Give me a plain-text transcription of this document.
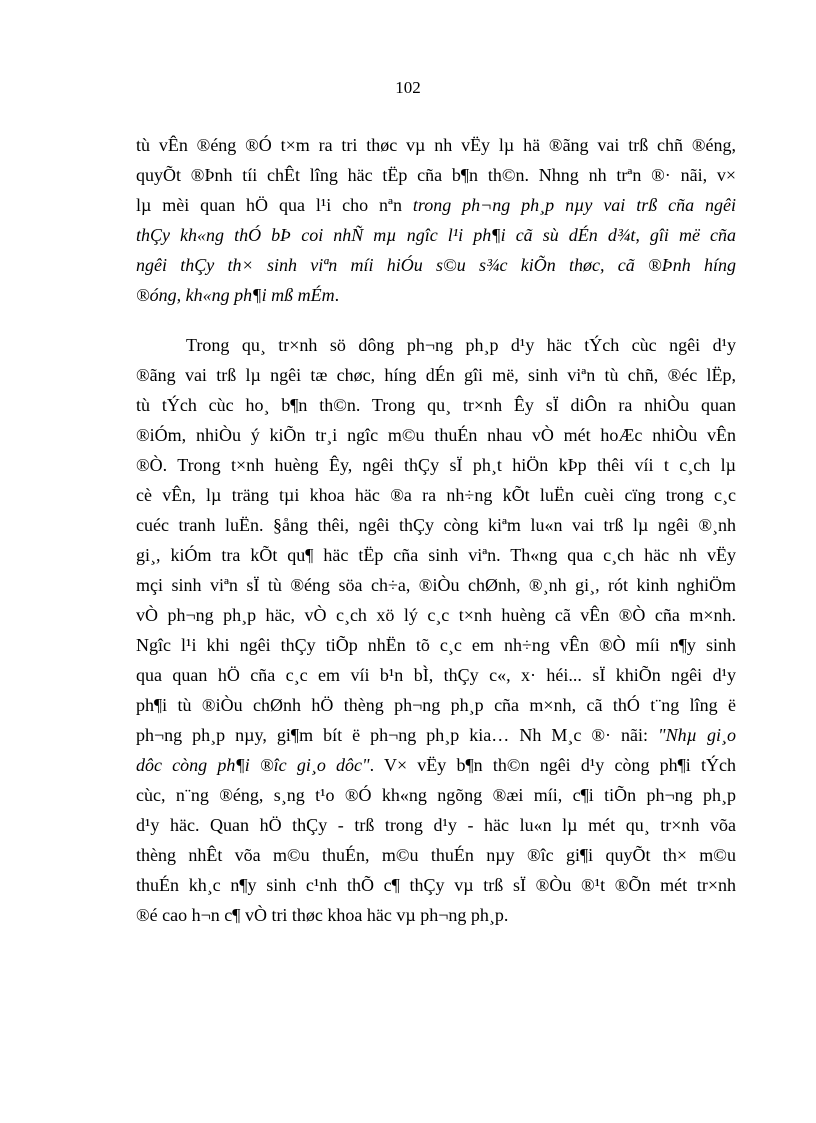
102
tù vÊn ®éng ®Ó t×m ra tri thøc vµ nh vËy lµ hä ®ãng vai trß chñ ®éng,
quyÕt ®Þnh tíi chÊt lîng häc tËp cña b¶n th©n. Nhng nh trªn ®· nãi, v×
lµ mèi quan hÖ qua l¹i cho nªn trong ph¬ng ph¸p nµy vai trß cña ngêi
thÇy kh«ng thÓ bÞ coi nhÑ mµ ngîc l¹i ph¶i cã sù dÉn d¾t, gîi më cña
ngêi thÇy th× sinh viªn míi hiÓu s©u s¾c kiÕn thøc, cã ®Þnh híng
®óng, kh«ng ph¶i mß mÉm.
Trong qu¸ tr×nh sö dông ph¬ng ph¸p d¹y häc tÝch cùc ngêi d¹y
®ãng vai trß lµ ngêi tæ chøc, híng dÉn gîi më, sinh viªn tù chñ, ®éc lËp,
tù tÝch cùc ho¸ b¶n th©n. Trong qu¸ tr×nh Êy sÏ diÔn ra nhiÒu quan
®iÓm, nhiÒu ý kiÕn tr¸i ngîc m©u thuÉn nhau vÒ mét hoÆc nhiÒu vÊn
®Ò. Trong t×nh huèng Êy, ngêi thÇy sÏ ph¸t hiÖn kÞp thêi víi t c¸ch lµ
cè vÊn, lµ träng tµi khoa häc ®a ra nh÷ng kÕt luËn cuèi cïng trong c¸c
cuéc tranh luËn. §ång thêi, ngêi thÇy còng kiªm lu«n vai trß lµ ngêi ®¸nh
gi¸, kiÓm tra kÕt qu¶ häc tËp cña sinh viªn. Th«ng qua c¸ch häc nh vËy
mçi sinh viªn sÏ tù ®éng söa ch÷a, ®iÒu chØnh, ®¸nh gi¸, rót kinh nghiÖm
vÒ ph¬ng ph¸p häc, vÒ c¸ch xö lý c¸c t×nh huèng cã vÊn ®Ò cña m×nh.
Ngîc l¹i khi ngêi thÇy tiÕp nhËn tõ c¸c em nh÷ng vÊn ®Ò míi n¶y sinh
qua quan hÖ cña c¸c em víi b¹n bÌ, thÇy c«, x· héi... sÏ khiÕn ngêi d¹y
ph¶i tù ®iÒu chØnh hÖ thèng ph¬ng ph¸p cña m×nh, cã thÓ t¨ng lîng ë
ph¬ng ph¸p nµy, gi¶m bít ë ph¬ng ph¸p kia… Nh M¸c ®· nãi: "Nhµ gi¸o
dôc còng ph¶i ®îc gi¸o dôc". V× vËy b¶n th©n ngêi d¹y còng ph¶i tÝch
cùc, n¨ng ®éng, s¸ng t¹o ®Ó kh«ng ngõng ®æi míi, c¶i tiÕn ph¬ng ph¸p
d¹y häc. Quan hÖ thÇy - trß trong d¹y - häc lu«n lµ mét qu¸ tr×nh võa
thèng nhÊt võa m©u thuÉn, m©u thuÉn nµy ®îc gi¶i quyÕt th× m©u
thuÉn kh¸c n¶y sinh c¹nh thÕ c¶ thÇy vµ trß sÏ ®Òu ®¹t ®Õn mét tr×nh
®é cao h¬n c¶ vÒ tri thøc khoa häc vµ ph¬ng ph¸p.
